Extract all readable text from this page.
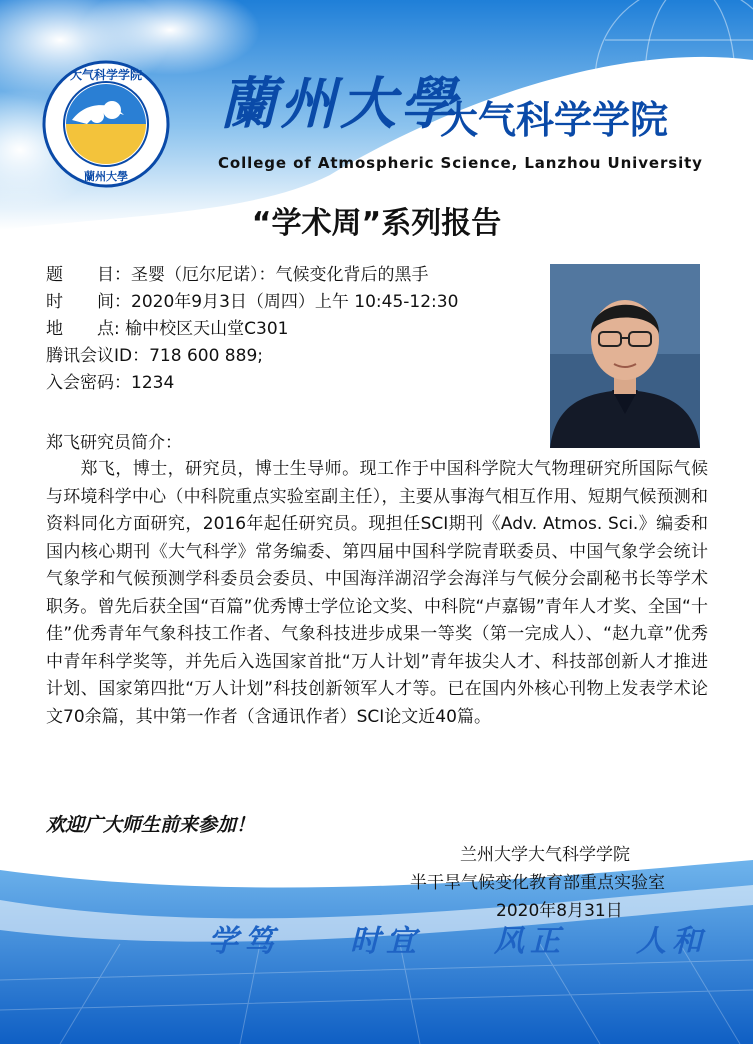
大气科学学院
蘭州大學
蘭州大學
大气科学学院
College of Atmospheric Science, Lanzhou University
“学术周”系列报告
题　　目：圣婴（厄尔尼诺）：气候变化背后的黑手
时　　间：2020年9月3日（周四）上午 10:45-12:30
地　　点: 榆中校区天山堂C301
腾讯会议ID：718 600 889;
入会密码：1234
郑飞研究员简介：

郑飞，博士，研究员，博士生导师。现工作于中国科学院大气物理研究所国际气候与环境科学中心（中科院重点实验室副主任），主要从事海气相互作用、短期气候预测和资料同化方面研究，2016年起任研究员。现担任SCI期刊《Adv. Atmos. Sci.》编委和国内核心期刊《大气科学》常务编委、第四届中国科学院青联委员、中国气象学会统计气象学和气候预测学科委员会委员、中国海洋湖沼学会海洋与气候分会副秘书长等学术职务。曾先后获全国“百篇”优秀博士学位论文奖、中科院“卢嘉锡”青年人才奖、全国“十佳”优秀青年气象科技工作者、气象科技进步成果一等奖（第一完成人）、“赵九章”优秀中青年科学奖等，并先后入选国家首批“万人计划”青年拔尖人才、科技部创新人才推进计划、国家第四批“万人计划”科技创新领军人才等。已在国内外核心刊物上发表学术论文70余篇，其中第一作者（含通讯作者）SCI论文近40篇。

欢迎广大师生前来参加！
兰州大学大气科学学院
半干旱气候变化教育部重点实验室
2020年8月31日
学笃 时宜 风正 人和
